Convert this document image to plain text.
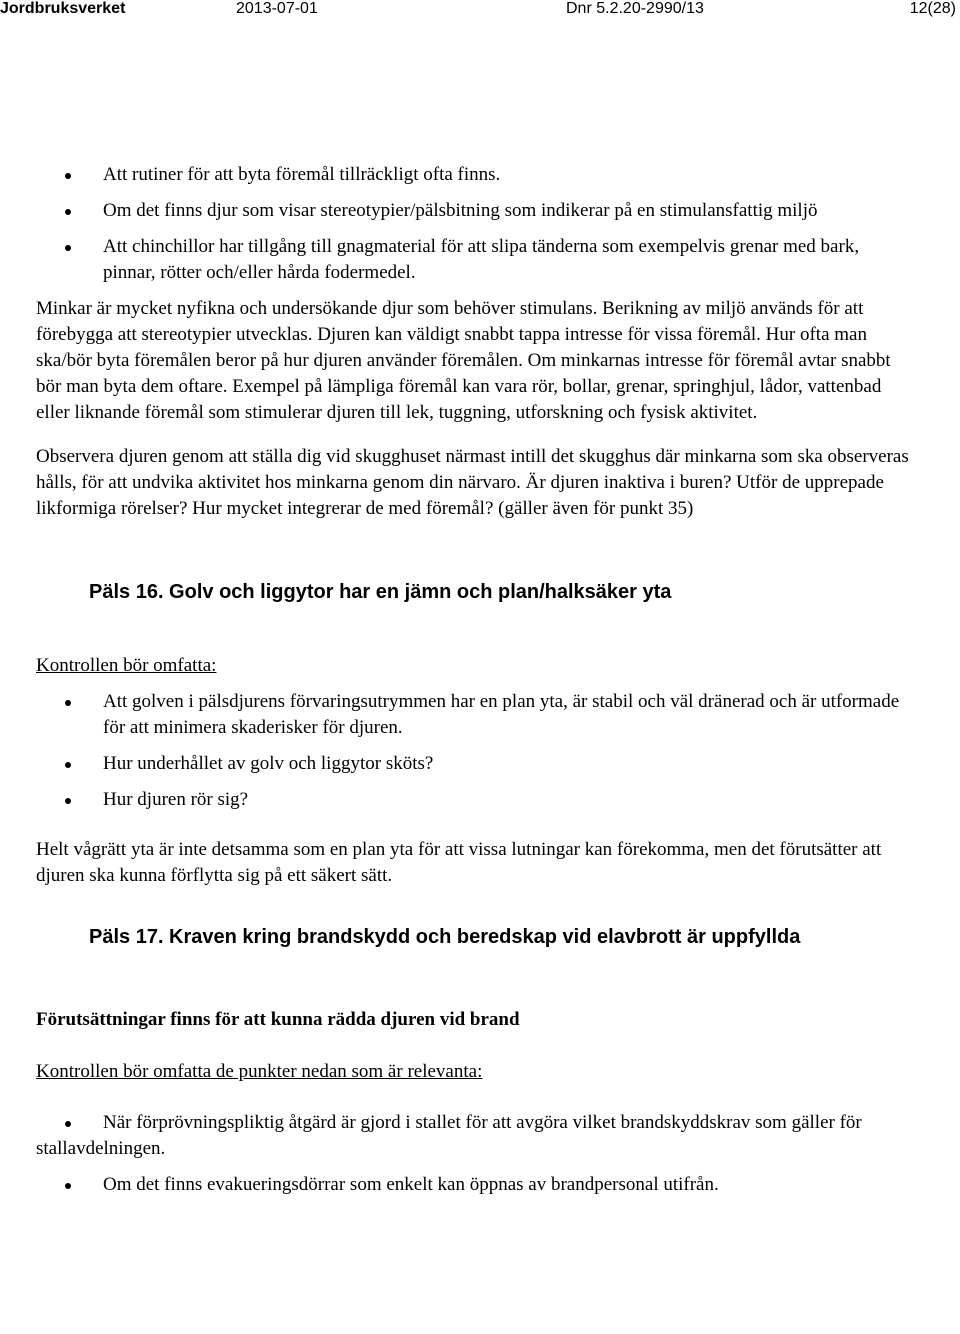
Jordbruksverket	2013-07-01	Dnr 5.2.20-2990/13	12(28)
Att rutiner för att byta föremål tillräckligt ofta finns.
Om det finns djur som visar stereotypier/pälsbitning som indikerar på en stimulansfattig miljö
Att chinchillor har tillgång till gnagmaterial för att slipa tänderna som exempelvis grenar med bark, pinnar, rötter och/eller hårda fodermedel.

Minkar är mycket nyfikna och undersökande djur som behöver stimulans. Berikning av miljö används för att förebygga att stereotypier utvecklas. Djuren kan väldigt snabbt tappa intresse för vissa föremål. Hur ofta man ska/bör byta föremålen beror på hur djuren använder föremålen. Om minkarnas intresse för föremål avtar snabbt bör man byta dem oftare. Exempel på lämpliga föremål kan vara rör, bollar, grenar, springhjul, lådor, vattenbad eller liknande föremål som stimulerar djuren till lek, tuggning, utforskning och fysisk aktivitet.

Observera djuren genom att ställa dig vid skugghuset närmast intill det skugghus där minkarna som ska observeras hålls, för att undvika aktivitet hos minkarna genom din närvaro. Är djuren inaktiva i buren? Utför de upprepade likformiga rörelser? Hur mycket integrerar de med föremål? (gäller även för punkt 35)

Päls 16. Golv och liggytor har en jämn och plan/halksäker yta

Kontrollen bör omfatta:

Att golven i pälsdjurens förvaringsutrymmen har en plan yta, är stabil och väl dränerad och är utformade för att minimera skaderisker för djuren.
Hur underhållet av golv och liggytor sköts?
Hur djuren rör sig?

Helt vågrätt yta är inte detsamma som en plan yta för att vissa lutningar kan förekomma, men det förutsätter att djuren ska kunna förflytta sig på ett säkert sätt.

Päls 17. Kraven kring brandskydd och beredskap vid elavbrott är uppfyllda

Förutsättningar finns för att kunna rädda djuren vid brand

Kontrollen bör omfatta de punkter nedan som är relevanta:

När förprövningspliktig åtgärd är gjord i stallet för att avgöra vilket brandskyddskrav som gäller för stallavdelningen.
Om det finns evakueringsdörrar som enkelt kan öppnas av brandpersonal utifrån.
